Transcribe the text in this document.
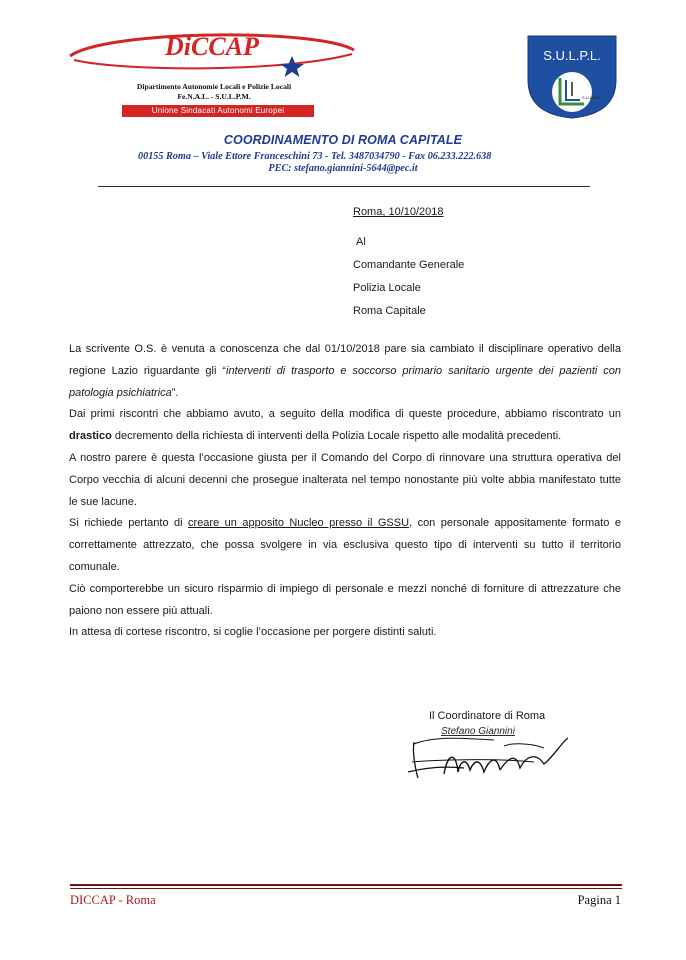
DiCCAP
Dipartimento Autonomie Locali e Polizie Locali
Fe.N.A.L. - S.U.L.P.M.
Unione Sindacati Autonomi Europei
S.U.L.P.L.
S.U.L.P.M.
COORDINAMENTO DI ROMA CAPITALE
00155 Roma – Viale Ettore Franceschini 73 - Tel. 3487034790 - Fax 06.233.222.638
PEC: stefano.giannini-5644@pec.it
Roma, 10/10/2018
Al
Comandante Generale
Polizia Locale
Roma Capitale

La scrivente O.S. è venuta a conoscenza che dal 01/10/2018 pare sia cambiato il disciplinare operativo della regione Lazio riguardante gli “interventi di trasporto e soccorso primario sanitario urgente dei pazienti con patologia psichiatrica”.

Dai primi riscontri che abbiamo avuto, a seguito della modifica di queste procedure, abbiamo riscontrato un drastico decremento della richiesta di interventi della Polizia Locale rispetto alle modalità precedenti.

A nostro parere è questa l’occasione giusta per il Comando del Corpo di rinnovare una struttura operativa del Corpo vecchia di alcuni decenni che prosegue inalterata nel tempo nonostante più volte abbia manifestato tutte le sue lacune.

Si richiede pertanto di creare un apposito Nucleo presso il GSSU, con personale appositamente formato e correttamente attrezzato, che possa svolgere in via esclusiva questo tipo di interventi su tutto il territorio comunale.

Ciò comporterebbe un sicuro risparmio di impiego di personale e mezzi nonché di forniture di attrezzature che paiono non essere più attuali.

In attesa di cortese riscontro, si coglie l’occasione per porgere distinti saluti.

Il Coordinatore di Roma
Stefano Giannini
DICCAP - Roma	Pagina 1
